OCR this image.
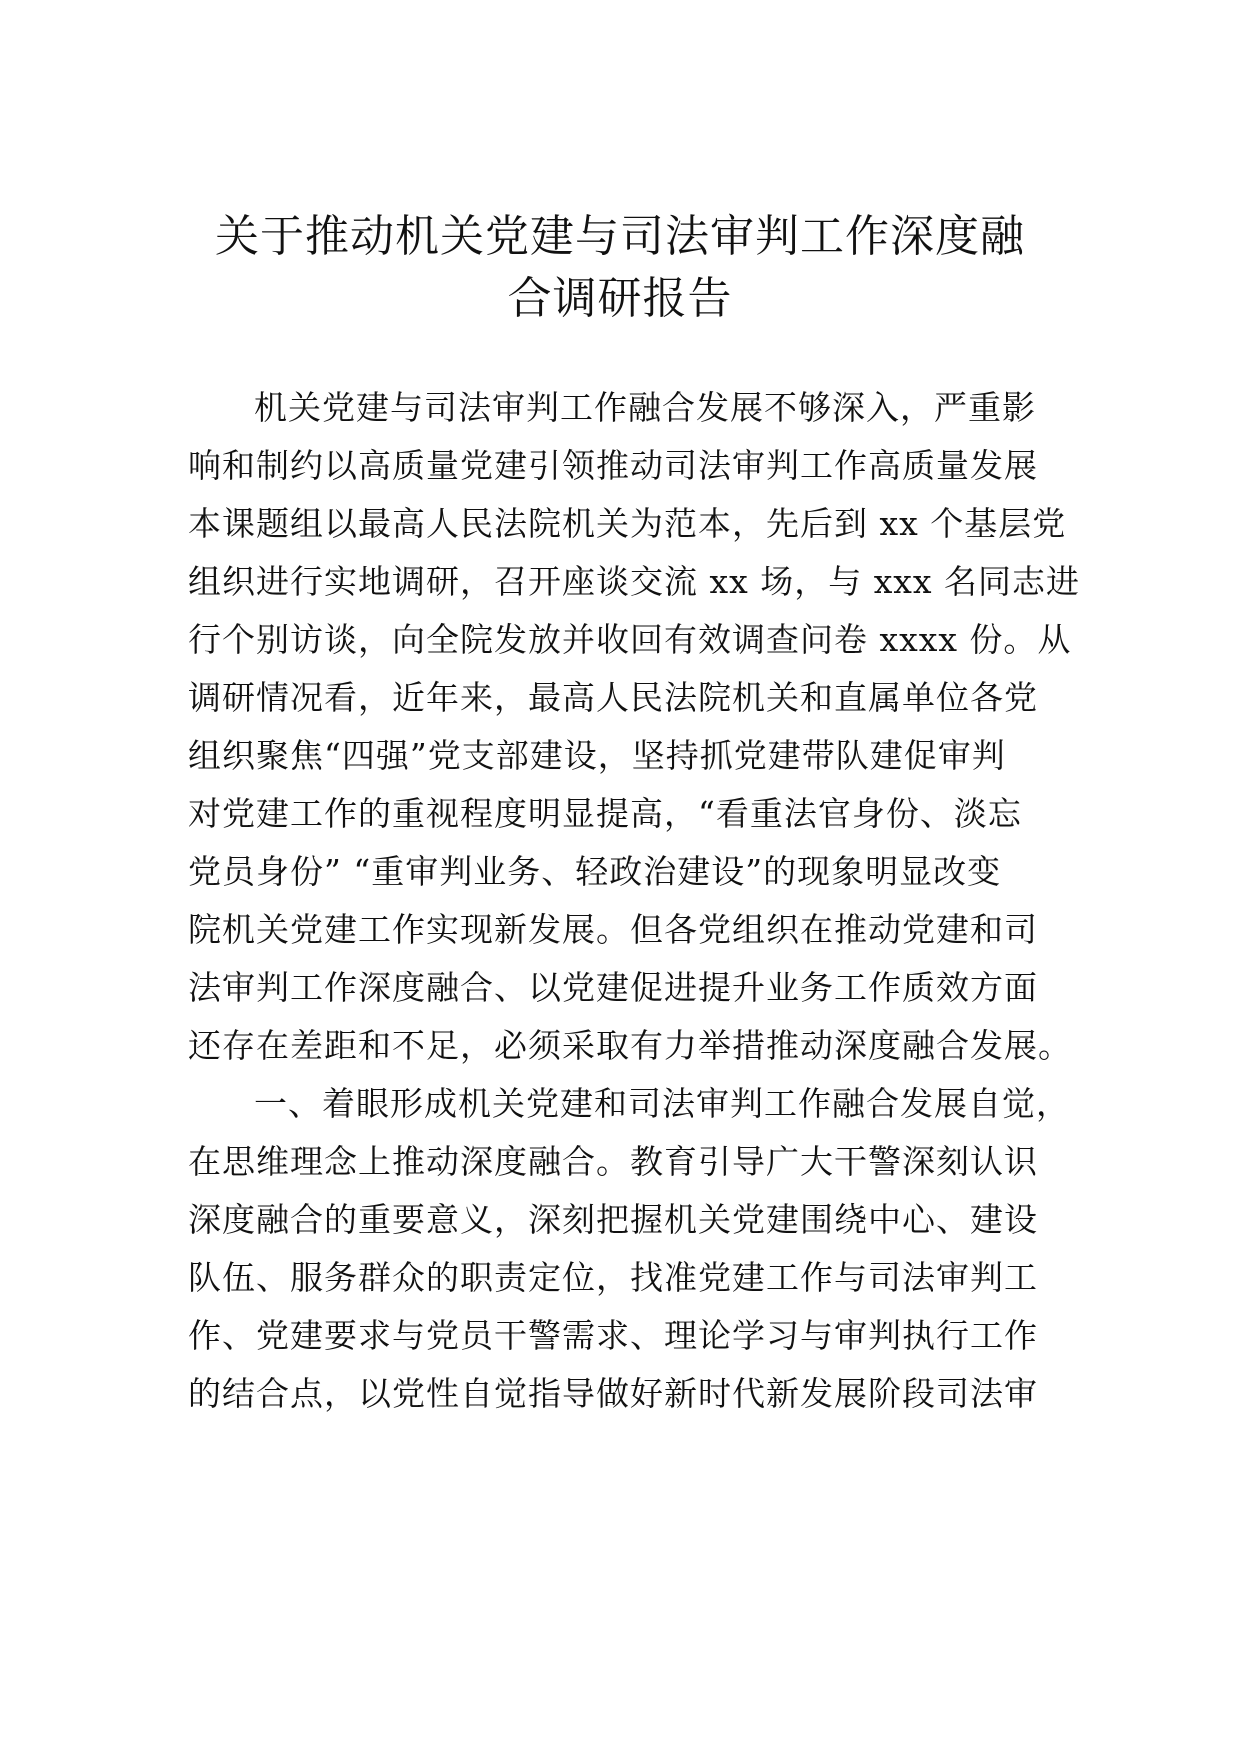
关于推动机关党建与司法审判工作深度融
合调研报告
机关党建与司法审判工作融合发展不够深入，严重影
响和制约以高质量党建引领推动司法审判工作高质量发展
本课题组以最高人民法院机关为范本，先后到 xx 个基层党
组织进行实地调研，召开座谈交流 xx 场，与 xxx 名同志进
行个别访谈，向全院发放并收回有效调查问卷 xxxx 份。从
调研情况看，近年来，最高人民法院机关和直属单位各党
组织聚焦“四强”党支部建设，坚持抓党建带队建促审判
对党建工作的重视程度明显提高，“看重法官身份、淡忘
党员身份” “重审判业务、轻政治建设”的现象明显改变
院机关党建工作实现新发展。但各党组织在推动党建和司
法审判工作深度融合、以党建促进提升业务工作质效方面
还存在差距和不足，必须采取有力举措推动深度融合发展。
一、着眼形成机关党建和司法审判工作融合发展自觉，
在思维理念上推动深度融合。教育引导广大干警深刻认识
深度融合的重要意义，深刻把握机关党建围绕中心、建设
队伍、服务群众的职责定位，找准党建工作与司法审判工
作、党建要求与党员干警需求、理论学习与审判执行工作
的结合点，以党性自觉指导做好新时代新发展阶段司法审
